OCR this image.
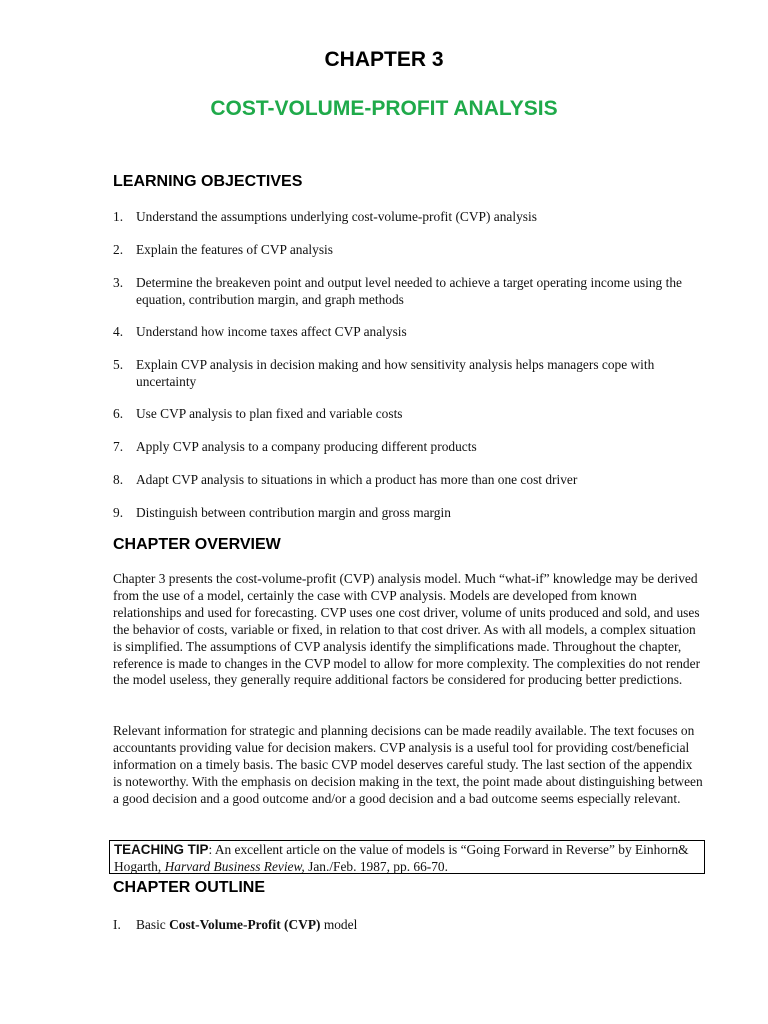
CHAPTER 3
COST-VOLUME-PROFIT ANALYSIS
LEARNING OBJECTIVES
1. Understand the assumptions underlying cost-volume-profit (CVP) analysis
2. Explain the features of CVP analysis
3. Determine the breakeven point and output level needed to achieve a target operating income using the equation, contribution margin, and graph methods
4. Understand how income taxes affect CVP analysis
5. Explain CVP analysis in decision making and how sensitivity analysis helps managers cope with uncertainty
6. Use CVP analysis to plan fixed and variable costs
7. Apply CVP analysis to a company producing different products
8. Adapt CVP analysis to situations in which a product has more than one cost driver
9. Distinguish between contribution margin and gross margin
CHAPTER OVERVIEW

Chapter 3 presents the cost-volume-profit (CVP) analysis model. Much “what-if” knowledge may be derived from the use of a model, certainly the case with CVP analysis. Models are developed from known relationships and used for forecasting. CVP uses one cost driver, volume of units produced and sold, and uses the behavior of costs, variable or fixed, in relation to that cost driver. As with all models, a complex situation is simplified. The assumptions of CVP analysis identify the simplifications made. Throughout the chapter, reference is made to changes in the CVP model to allow for more complexity. The complexities do not render the model useless, they generally require additional factors be considered for producing better predictions.

Relevant information for strategic and planning decisions can be made readily available. The text focuses on accountants providing value for decision makers. CVP analysis is a useful tool for providing cost/beneficial information on a timely basis. The basic CVP model deserves careful study. The last section of the appendix is noteworthy. With the emphasis on decision making in the text, the point made about distinguishing between a good decision and a good outcome and/or a good decision and a bad outcome seems especially relevant.

TEACHING TIP: An excellent article on the value of models is “Going Forward in Reverse” by Einhorn& Hogarth, Harvard Business Review, Jan./Feb. 1987, pp. 66-70.
CHAPTER OUTLINE

I.	Basic Cost-Volume-Profit (CVP) model
